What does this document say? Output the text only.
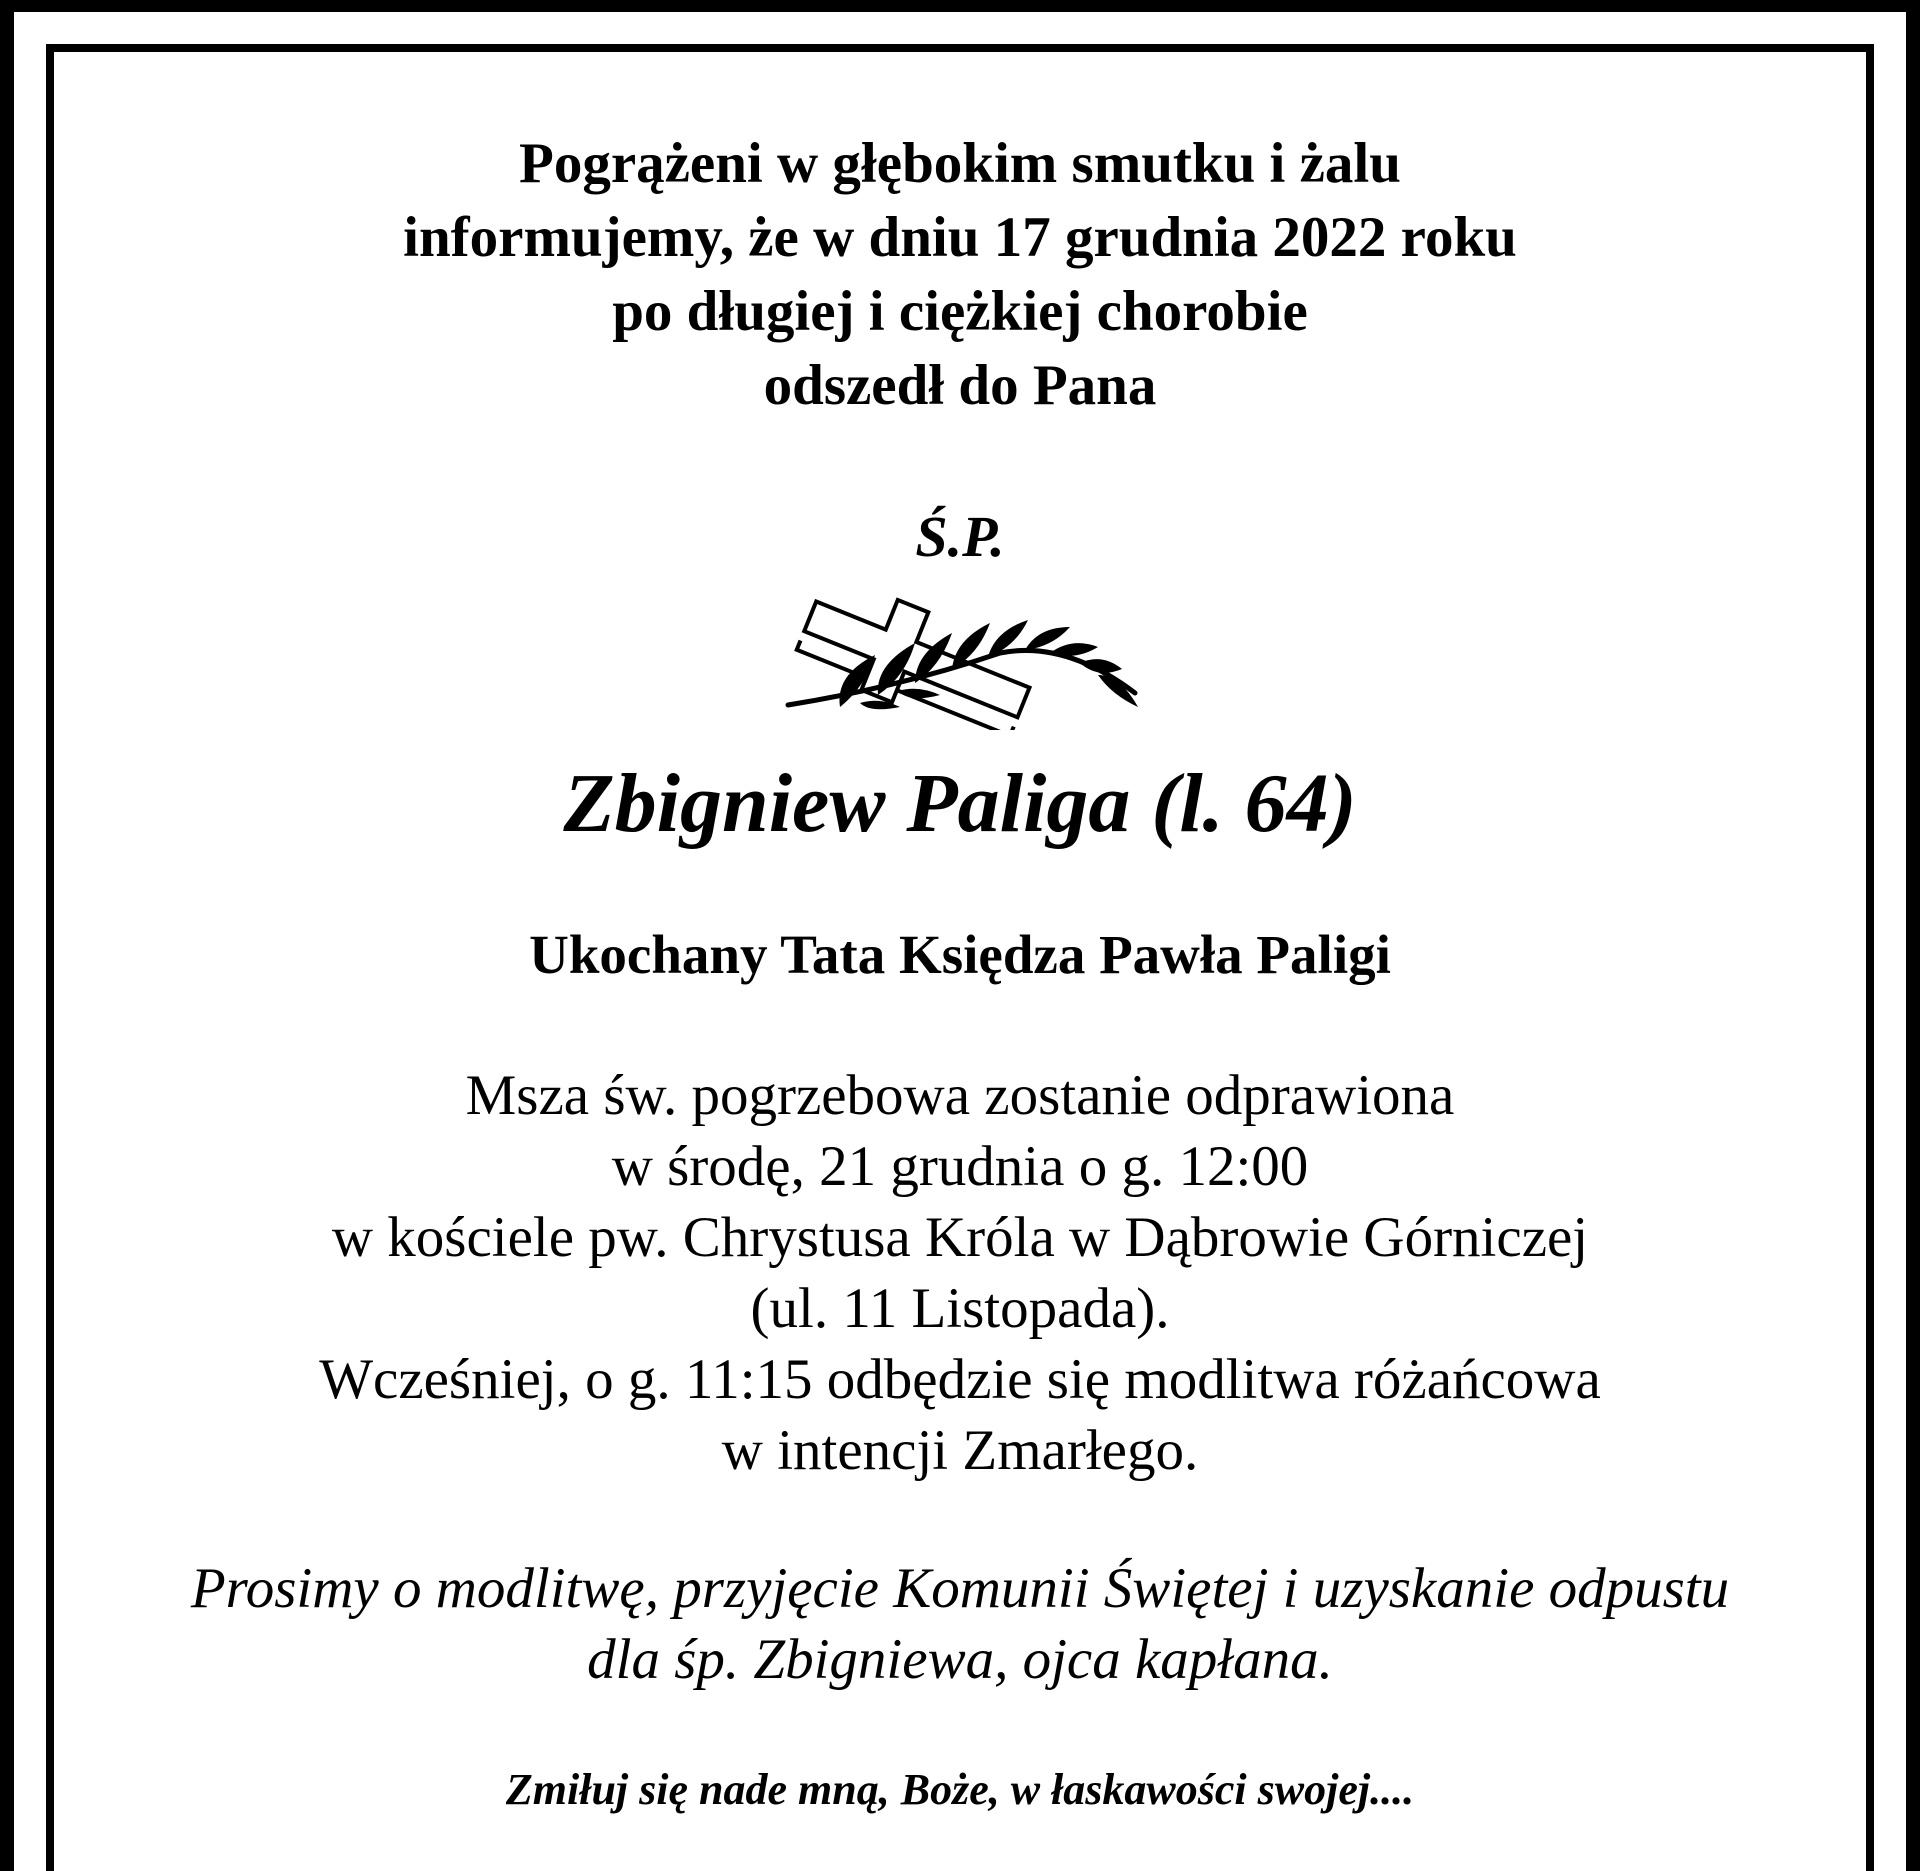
Pogrążeni w głębokim smutku i żalu
informujemy, że w dniu 17 grudnia 2022 roku
po długiej i ciężkiej chorobie
odszedł do Pana
Ś.P.
Zbigniew Paliga (l. 64)
Ukochany Tata Księdza Pawła Paligi
Msza św. pogrzebowa zostanie odprawiona
w środę, 21 grudnia o g. 12:00
w kościele pw. Chrystusa Króla w Dąbrowie Górniczej
(ul. 11 Listopada).
Wcześniej, o g. 11:15 odbędzie się modlitwa różańcowa
w intencji Zmarłego.
Prosimy o modlitwę, przyjęcie Komunii Świętej i uzyskanie odpustu
dla śp. Zbigniewa, ojca kapłana.
Zmiłuj się nade mną, Boże, w łaskawości swojej....
